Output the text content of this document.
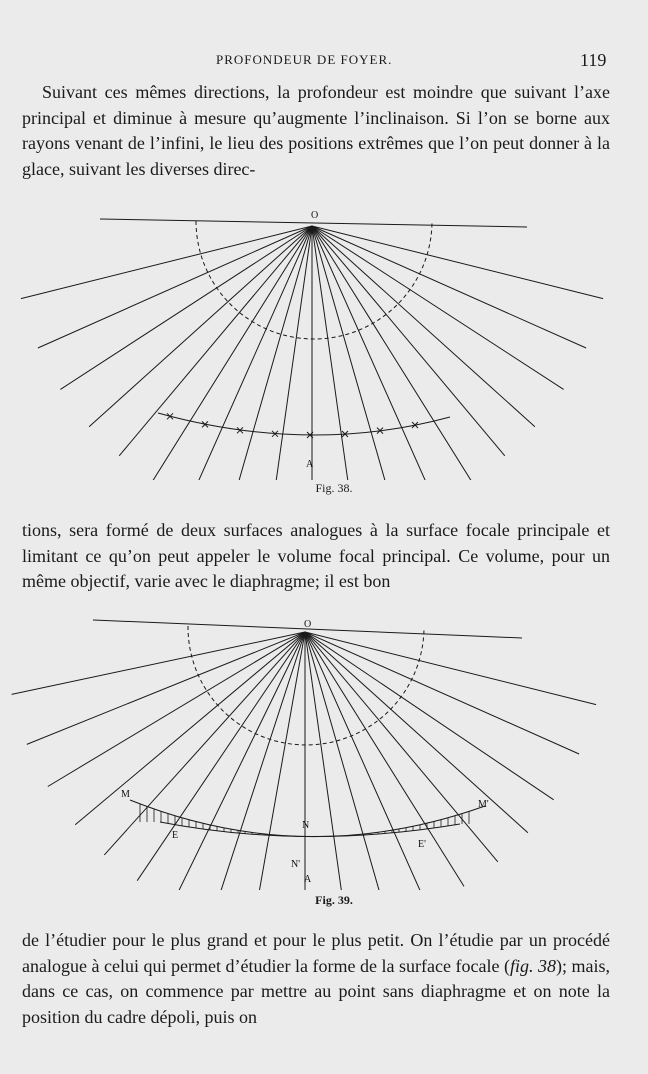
PROFONDEUR DE FOYER.	119

Suivant ces mêmes directions, la profondeur est moindre que suivant l’axe principal et diminue à mesure qu’augmente l’inclinaison. Si l’on se borne aux rayons venant de l’infini, le lieu des positions extrêmes que l’on peut donner à la glace, suivant les diverses direc-

O
A
Fig. 38.

tions, sera formé de deux surfaces analogues à la surface focale principale et limitant ce qu’on peut appeler le volume focal principal. Ce volume, pour un même objectif, varie avec le diaphragme; il est bon

O
M
M'
E
E'
N
N'
A
Fig. 39.

de l’étudier pour le plus grand et pour le plus petit. On l’étudie par un procédé analogue à celui qui permet d’étudier la forme de la surface focale (fig. 38); mais, dans ce cas, on commence par mettre au point sans diaphragme et on note la position du cadre dépoli, puis on
